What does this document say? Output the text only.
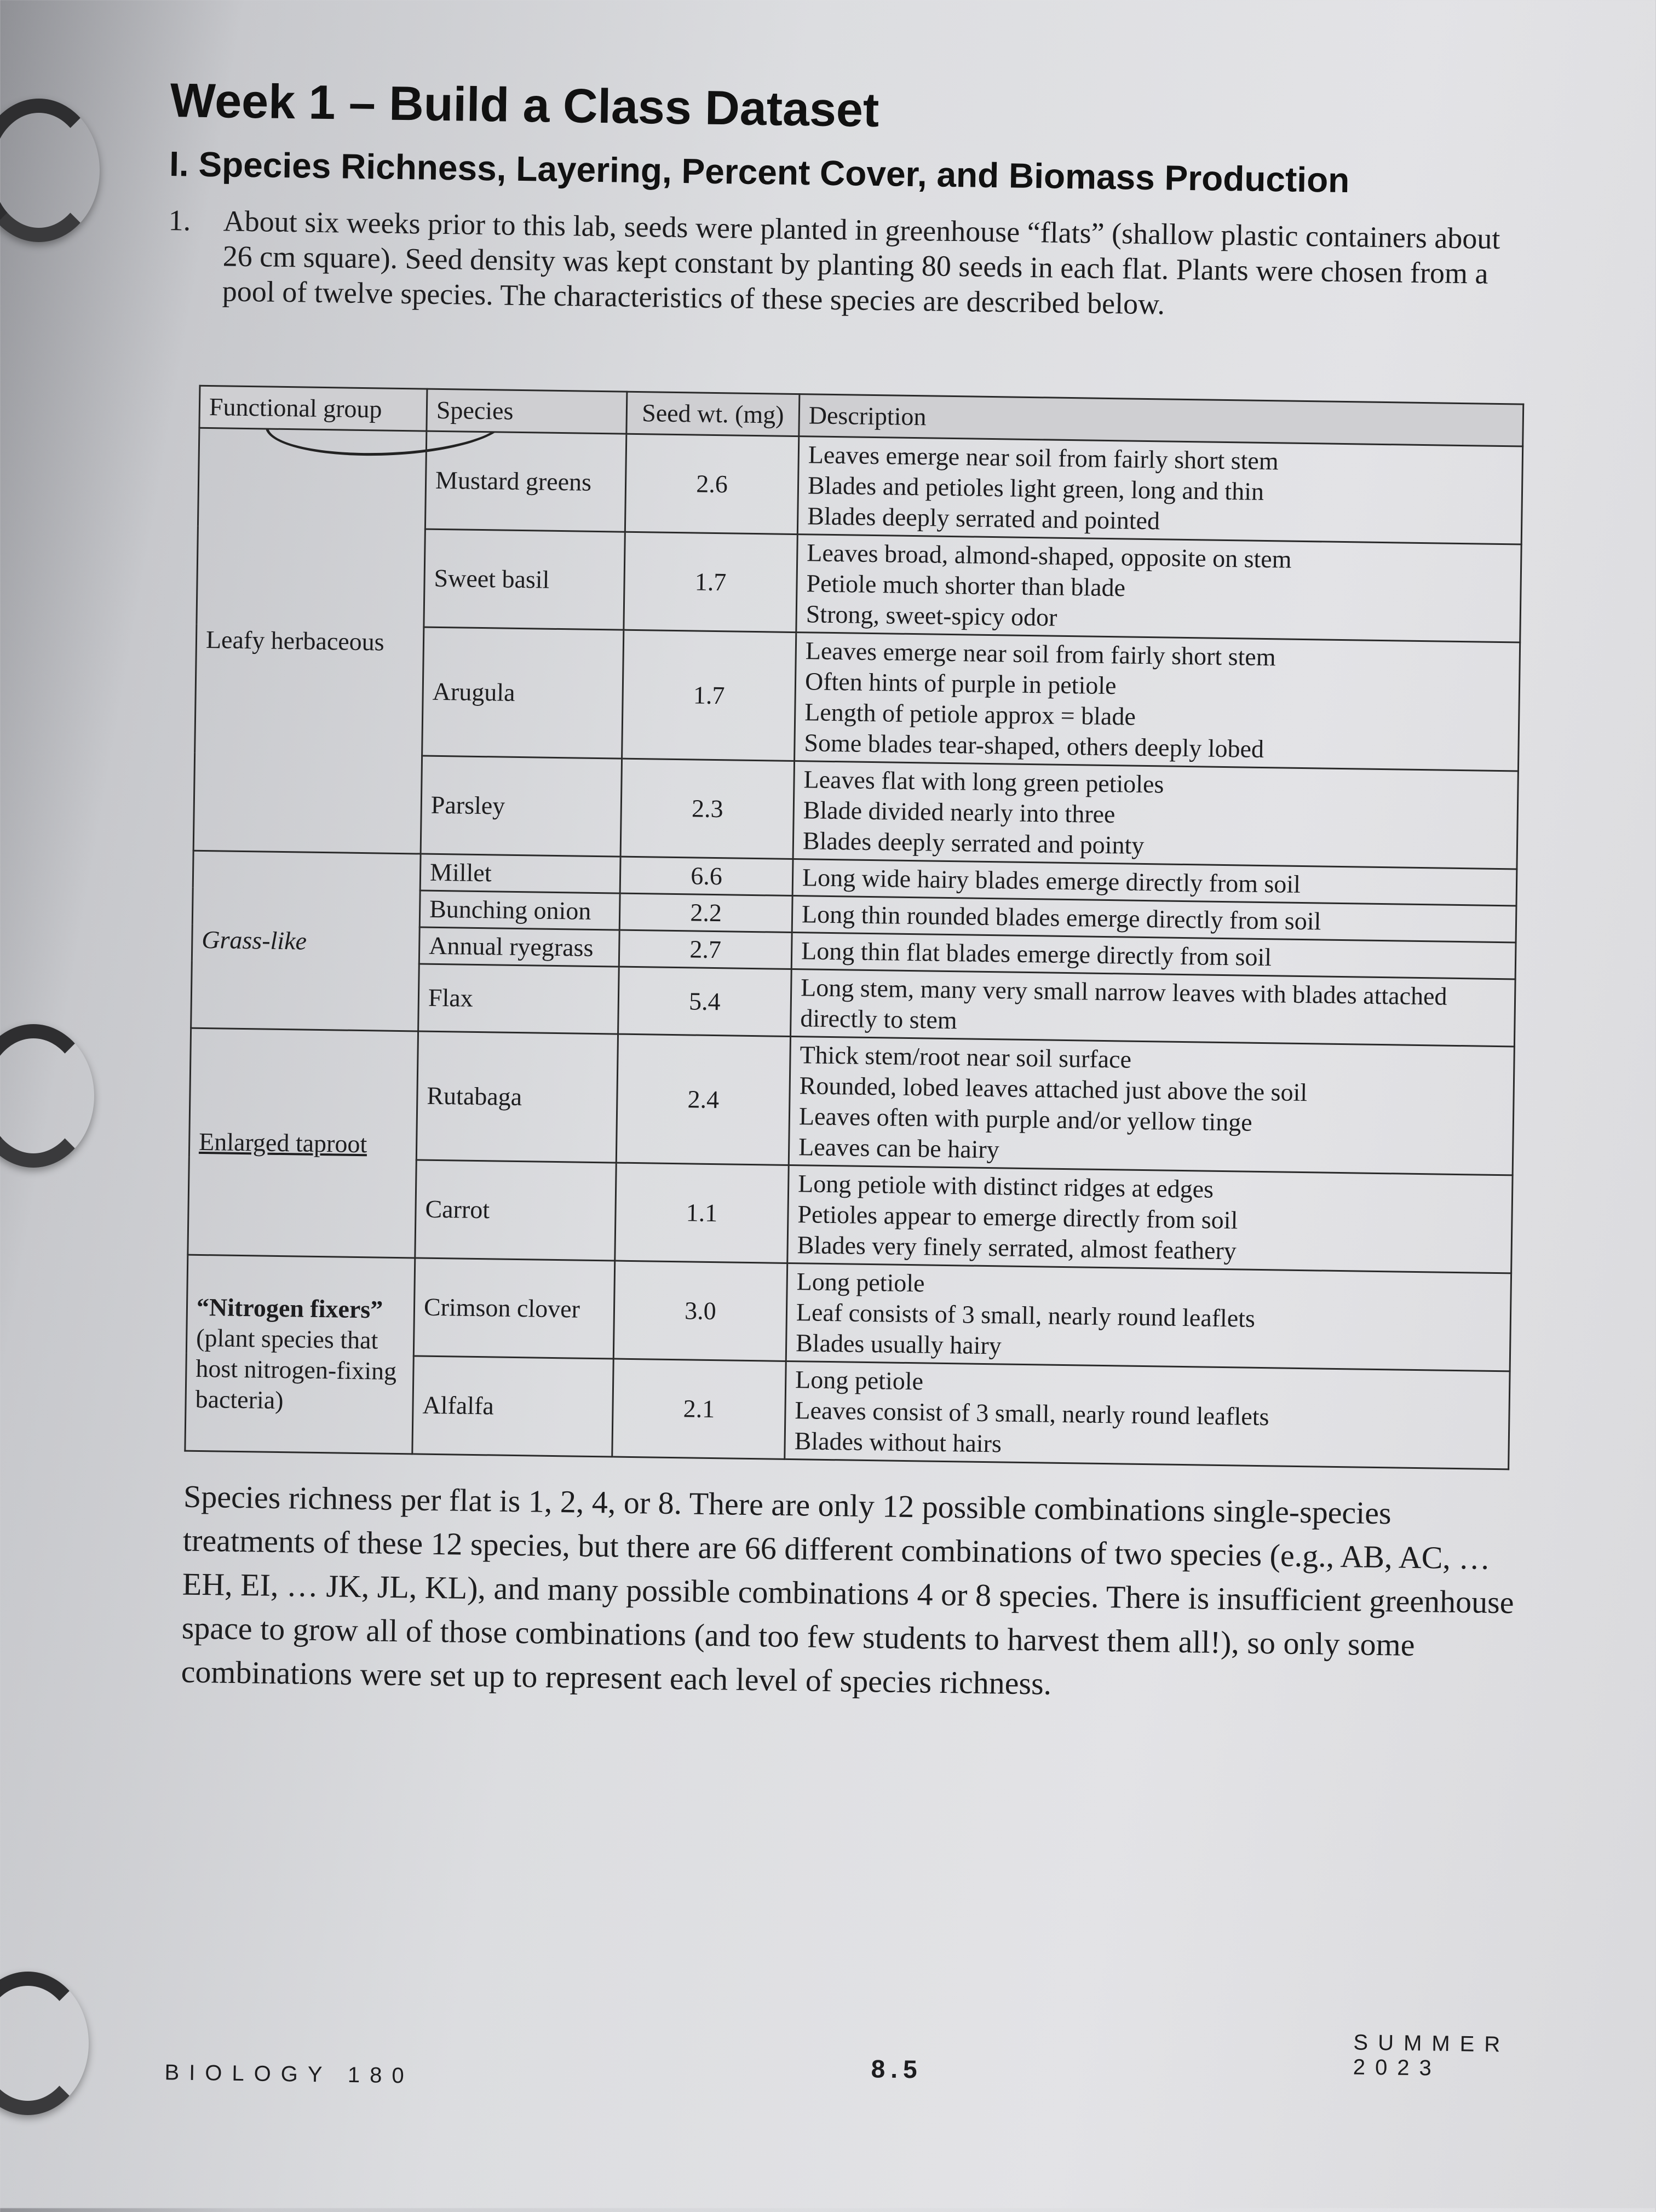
Week 1 – Build a Class Dataset
I. Species Richness, Layering, Percent Cover, and Biomass Production
1. About six weeks prior to this lab, seeds were planted in greenhouse “flats” (shallow plastic containers about 26 cm square). Seed density was kept constant by planting 80 seeds in each flat. Plants were chosen from a pool of twelve species. The characteristics of these species are described below.
Functional group	Species	Seed wt. (mg)	Description
Leafy herbaceous	Mustard greens	2.6	Leaves emerge near soil from fairly short stem
Blades and petioles light green, long and thin
Blades deeply serrated and pointed

	Sweet basil	1.7	Leaves broad, almond-shaped, opposite on stem
Petiole much shorter than blade
Strong, sweet-spicy odor

	Arugula	1.7	Leaves emerge near soil from fairly short stem
Often hints of purple in petiole
Length of petiole approx = blade
Some blades tear-shaped, others deeply lobed

	Parsley	2.3	Leaves flat with long green petioles
Blade divided nearly into three
Blades deeply serrated and pointy

Grass-like	Millet	6.6	Long wide hairy blades emerge directly from soil

	Bunching onion	2.2	Long thin rounded blades emerge directly from soil

	Annual ryegrass	2.7	Long thin flat blades emerge directly from soil

	Flax	5.4	Long stem, many very small narrow leaves with blades attached directly to stem

Enlarged taproot	Rutabaga	2.4	Thick stem/root near soil surface
Rounded, lobed leaves attached just above the soil
Leaves often with purple and/or yellow tinge
Leaves can be hairy

	Carrot	1.1	Long petiole with distinct ridges at edges
Petioles appear to emerge directly from soil
Blades very finely serrated, almost feathery

“Nitrogen fixers”
(plant species that host nitrogen-fixing bacteria)	Crimson clover	3.0	Long petiole
Leaf consists of 3 small, nearly round leaflets
Blades usually hairy

	Alfalfa	2.1	Long petiole
Leaves consist of 3 small, nearly round leaflets
Blades without hairs
Species richness per flat is 1, 2, 4, or 8. There are only 12 possible combinations single-species treatments of these 12 species, but there are 66 different combinations of two species (e.g., AB, AC, … EH, EI, … JK, JL, KL), and many possible combinations 4 or 8 species. There is insufficient greenhouse space to grow all of those combinations (and too few students to harvest them all!), so only some combinations were set up to represent each level of species richness.
BIOLOGY 180	8.5
SUMMER 2023
